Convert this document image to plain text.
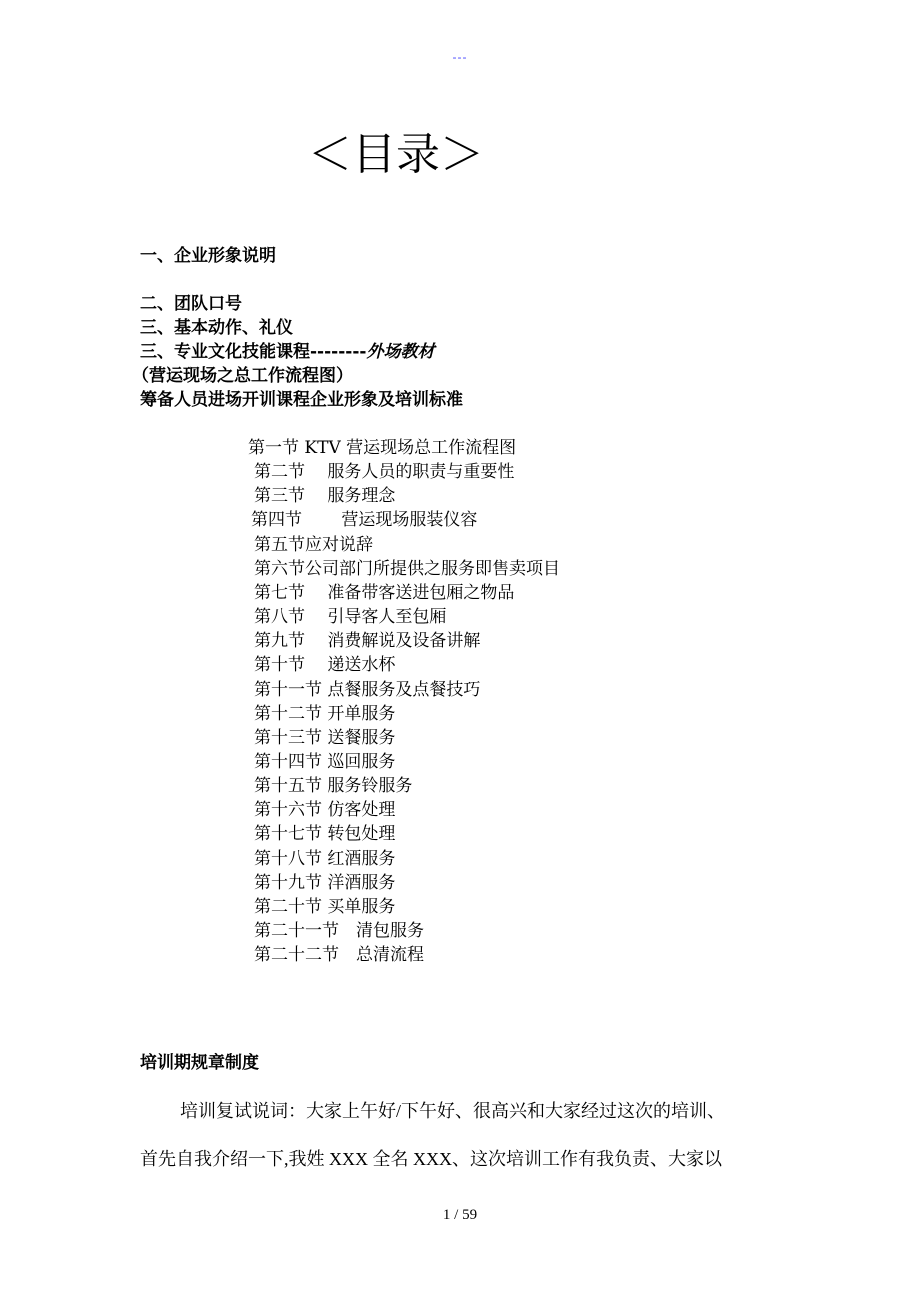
---
＜目录＞
一、企业形象说明
二、团队口号
三、基本动作、礼仪
三、专业文化技能课程--------外场教材
（营运现场之总工作流程图）
筹备人员进场开训课程企业形象及培训标准
第一节 KTV 营运现场总工作流程图
第二节　 服务人员的职责与重要性
第三节　 服务理念
第四节　　 营运现场服装仪容
第五节应对说辞
第六节公司部门所提供之服务即售卖项目
第七节　 准备带客送进包厢之物品
第八节　 引导客人至包厢
第九节　 消费解说及设备讲解
第十节　 递送水杯
第十一节 点餐服务及点餐技巧
第十二节 开单服务
第十三节 送餐服务
第十四节 巡回服务
第十五节 服务铃服务
第十六节 仿客处理
第十七节 转包处理
第十八节 红酒服务
第十九节 洋酒服务
第二十节 买单服务
第二十一节　清包服务
第二十二节　总清流程
培训期规章制度
培训复试说词：大家上午好/下午好、很高兴和大家经过这次的培训、
首先自我介绍一下,我姓 XXX 全名 XXX、这次培训工作有我负责、大家以
1 / 59
